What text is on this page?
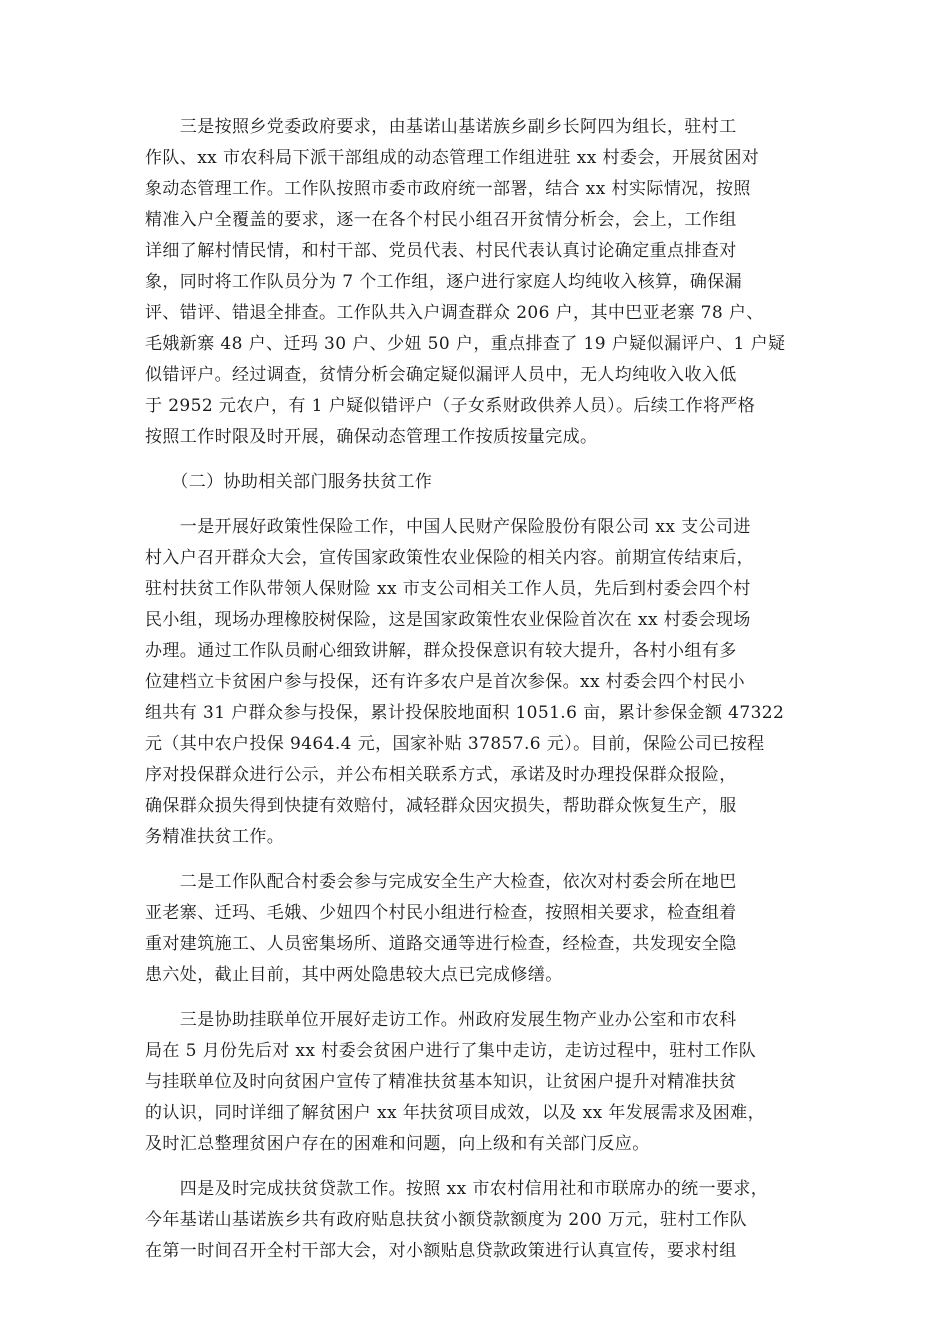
　　三是按照乡党委政府要求，由基诺山基诺族乡副乡长阿四为组长，驻村工
作队、xx 市农科局下派干部组成的动态管理工作组进驻 xx 村委会，开展贫困对
象动态管理工作。工作队按照市委市政府统一部署，结合 xx 村实际情况，按照
精准入户全覆盖的要求，逐一在各个村民小组召开贫情分析会，会上，工作组
详细了解村情民情，和村干部、党员代表、村民代表认真讨论确定重点排查对
象，同时将工作队员分为 7 个工作组，逐户进行家庭人均纯收入核算，确保漏
评、错评、错退全排查。工作队共入户调查群众 206 户，其中巴亚老寨 78 户、
毛娥新寨 48 户、迁玛 30 户、少妞 50 户，重点排查了 19 户疑似漏评户、1 户疑
似错评户。经过调查，贫情分析会确定疑似漏评人员中，无人均纯收入收入低
于 2952 元农户，有 1 户疑似错评户（子女系财政供养人员）。后续工作将严格
按照工作时限及时开展，确保动态管理工作按质按量完成。
　　（二）协助相关部门服务扶贫工作
　　一是开展好政策性保险工作，中国人民财产保险股份有限公司 xx 支公司进
村入户召开群众大会，宣传国家政策性农业保险的相关内容。前期宣传结束后，
驻村扶贫工作队带领人保财险 xx 市支公司相关工作人员，先后到村委会四个村
民小组，现场办理橡胶树保险，这是国家政策性农业保险首次在 xx 村委会现场
办理。通过工作队员耐心细致讲解，群众投保意识有较大提升，各村小组有多
位建档立卡贫困户参与投保，还有许多农户是首次参保。xx 村委会四个村民小
组共有 31 户群众参与投保，累计投保胶地面积 1051.6 亩，累计参保金额 47322
元（其中农户投保 9464.4 元，国家补贴 37857.6 元）。目前，保险公司已按程
序对投保群众进行公示，并公布相关联系方式，承诺及时办理投保群众报险，
确保群众损失得到快捷有效赔付，减轻群众因灾损失，帮助群众恢复生产，服
务精准扶贫工作。
　　二是工作队配合村委会参与完成安全生产大检查，依次对村委会所在地巴
亚老寨、迁玛、毛娥、少妞四个村民小组进行检查，按照相关要求，检查组着
重对建筑施工、人员密集场所、道路交通等进行检查，经检查，共发现安全隐
患六处，截止目前，其中两处隐患较大点已完成修缮。
　　三是协助挂联单位开展好走访工作。州政府发展生物产业办公室和市农科
局在 5 月份先后对 xx 村委会贫困户进行了集中走访，走访过程中，驻村工作队
与挂联单位及时向贫困户宣传了精准扶贫基本知识，让贫困户提升对精准扶贫
的认识，同时详细了解贫困户 xx 年扶贫项目成效，以及 xx 年发展需求及困难，
及时汇总整理贫困户存在的困难和问题，向上级和有关部门反应。
　　四是及时完成扶贫贷款工作。按照 xx 市农村信用社和市联席办的统一要求，
今年基诺山基诺族乡共有政府贴息扶贫小额贷款额度为 200 万元，驻村工作队
在第一时间召开全村干部大会，对小额贴息贷款政策进行认真宣传，要求村组
